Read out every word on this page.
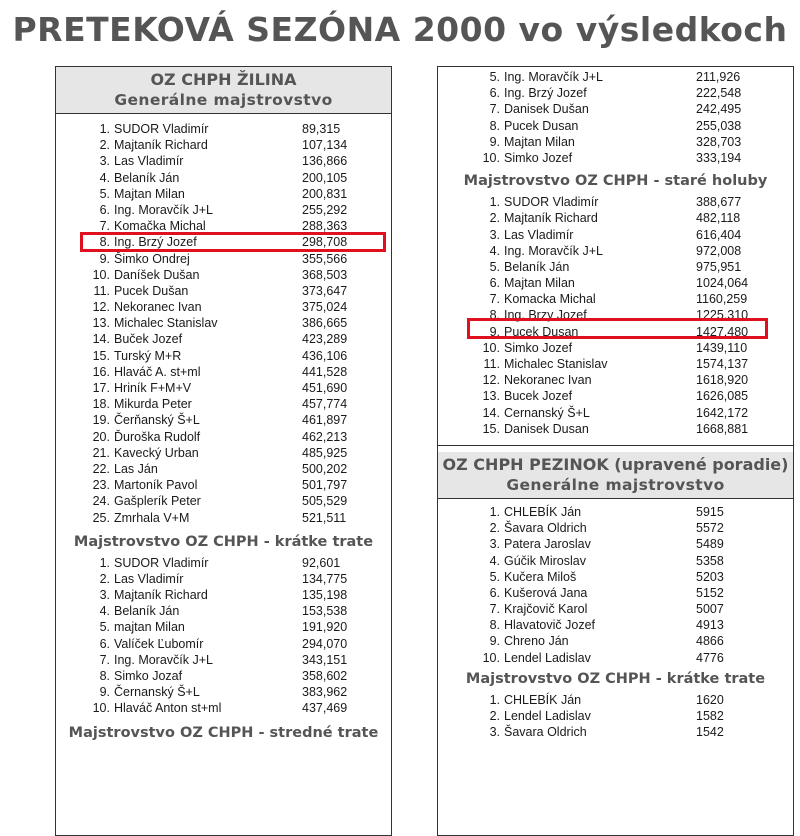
PRETEKOVÁ SEZÓNA 2000 vo výsledkoch
OZ CHPH ŽILINA
Generálne majstrovstvo
1. SUDOR Vladimír	89,315
2. Majtaník Richard	107,134
3. Las Vladimír	136,866
4. Belaník Ján	200,105
5. Majtan Milan	200,831
6. Ing. Moravčík J+L	255,292
7. Komačka Michal	288,363
8. Ing. Brzý Jozef	298,708
9. Šimko Ondrej	355,566
10. Daníšek Dušan	368,503
11. Pucek Dušan	373,647
12. Nekoranec Ivan	375,024
13. Michalec Stanislav	386,665
14. Buček Jozef	423,289
15. Turský M+R	436,106
16. Hlaváč A. st+ml	441,528
17. Hriník F+M+V	451,690
18. Mikurda Peter	457,774
19. Čerňanský Š+L	461,897
20. Ďuroška Rudolf	462,213
21. Kavecký Urban	485,925
22. Las Ján	500,202
23. Martoník Pavol	501,797
24. Gašplerík Peter	505,529
25. Zmrhala V+M	521,511
Majstrovstvo OZ CHPH - krátke trate
1. SUDOR Vladimír	92,601
2. Las Vladimír	134,775
3. Majtaník Richard	135,198
4. Belaník Ján	153,538
5. majtan Milan	191,920
6. Valíček Ľubomír	294,070
7. Ing. Moravčík J+L	343,151
8. Simko Jozaf	358,602
9. Černanský Š+L	383,962
10. Hlaváč Anton st+ml	437,469
Majstrovstvo OZ CHPH - stredné trate
5. Ing. Moravčík J+L	211,926
6. Ing. Brzý Jozef	222,548
7. Danisek Dušan	242,495
8. Pucek Dusan	255,038
9. Majtan Milan	328,703
10. Simko Jozef	333,194
Majstrovstvo OZ CHPH - staré holuby
1. SUDOR Vladimír	388,677
2. Majtaník Richard	482,118
3. Las Vladimír	616,404
4. Ing. Moravčík J+L	972,008
5. Belaník Ján	975,951
6. Majtan Milan	1024,064
7. Komacka Michal	1160,259
8. Ing. Brzy Jozef	1225,310
9. Pucek Dusan	1427,480
10. Simko Jozef	1439,110
11. Michalec Stanislav	1574,137
12. Nekoranec Ivan	1618,920
13. Bucek Jozef	1626,085
14. Cernanský Š+L	1642,172
15. Danisek Dusan	1668,881
OZ CHPH PEZINOK (upravené poradie)
Generálne majstrovstvo
1. CHLEBÍK Ján	5915
2. Šavara Oldrich	5572
3. Patera Jaroslav	5489
4. Gúčik Miroslav	5358
5. Kučera Miloš	5203
6. Kušerová Jana	5152
7. Krajčovič Karol	5007
8. Hlavatovič Jozef	4913
9. Chreno Ján	4866
10. Lendel Ladislav	4776
Majstrovstvo OZ CHPH - krátke trate
1. CHLEBÍK Ján	1620
2. Lendel Ladislav	1582
3. Šavara Oldrich	1542
